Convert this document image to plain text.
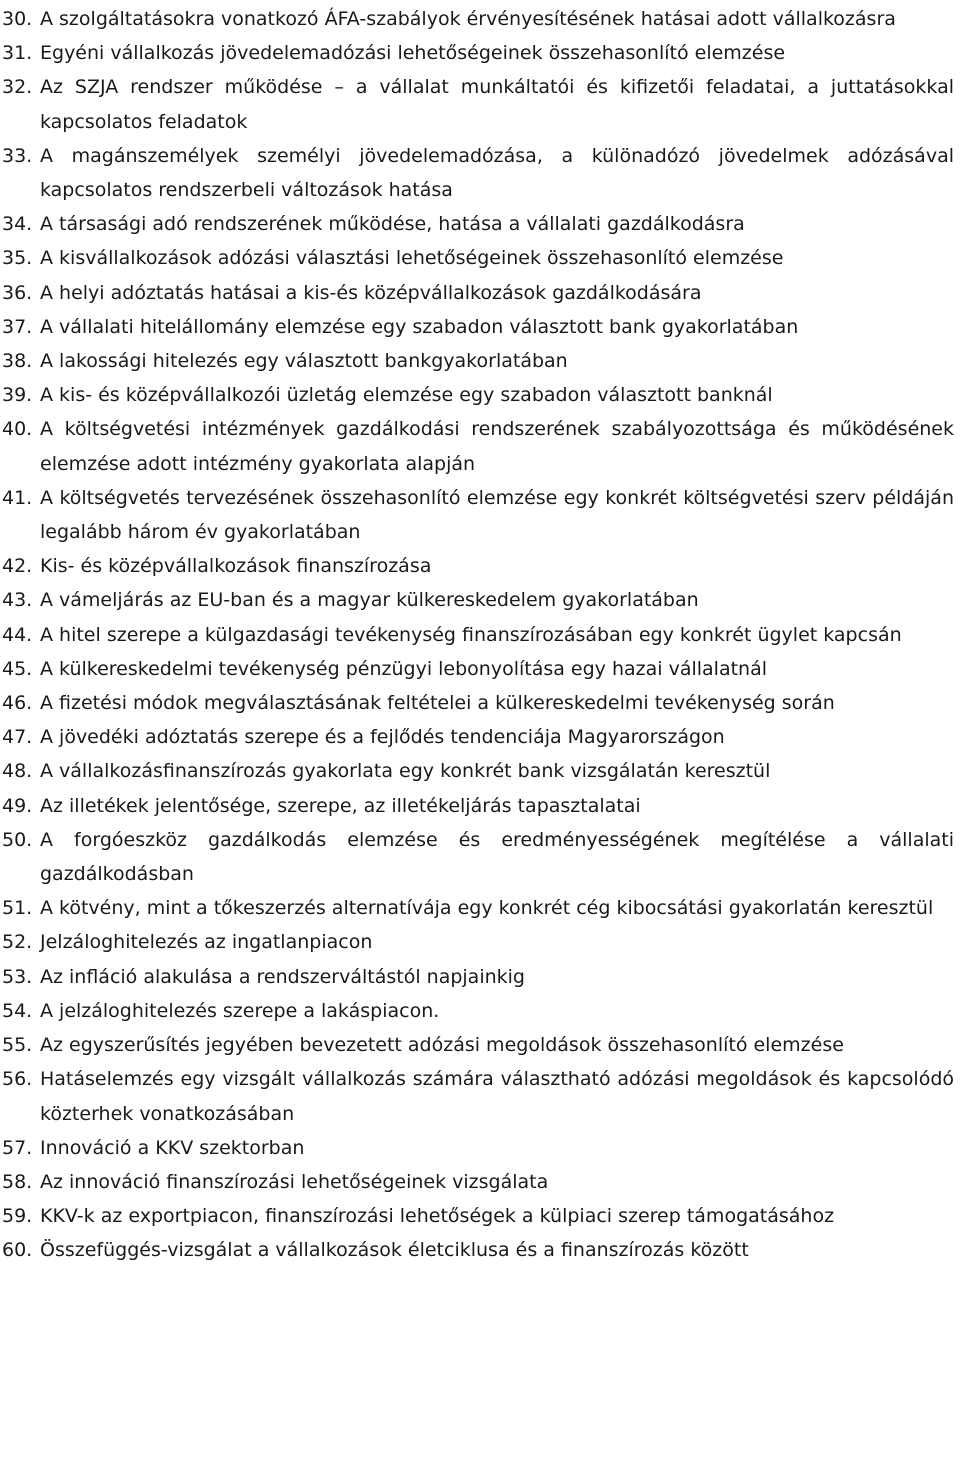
30. A szolgáltatásokra vonatkozó ÁFA-szabályok érvényesítésének hatásai adott vállalkozásra
31. Egyéni vállalkozás jövedelemadózási lehetőségeinek összehasonlító elemzése
32. Az SZJA rendszer működése – a vállalat munkáltatói és kifizetői feladatai, a juttatásokkal kapcsolatos feladatok
33. A magánszemélyek személyi jövedelemadózása, a különadózó jövedelmek adózásával kapcsolatos rendszerbeli változások hatása
34. A társasági adó rendszerének működése, hatása a vállalati gazdálkodásra
35. A kisvállalkozások adózási választási lehetőségeinek összehasonlító elemzése
36. A helyi adóztatás hatásai a kis-és középvállalkozások gazdálkodására
37. A vállalati hitelállomány elemzése egy szabadon választott bank gyakorlatában
38. A lakossági hitelezés egy választott bankgyakorlatában
39. A kis- és középvállalkozói üzletág elemzése egy szabadon választott banknál
40. A költségvetési intézmények gazdálkodási rendszerének szabályozottsága és működésének elemzése adott intézmény gyakorlata alapján
41. A költségvetés tervezésének összehasonlító elemzése egy konkrét költségvetési szerv példáján legalább három év gyakorlatában
42. Kis- és középvállalkozások finanszírozása
43. A vámeljárás az EU-ban és a magyar külkereskedelem gyakorlatában
44. A hitel szerepe a külgazdasági tevékenység finanszírozásában egy konkrét ügylet kapcsán
45. A külkereskedelmi tevékenység pénzügyi lebonyolítása egy hazai vállalatnál
46. A fizetési módok megválasztásának feltételei a külkereskedelmi tevékenység során
47. A jövedéki adóztatás szerepe és a fejlődés tendenciája Magyarországon
48. A vállalkozásfinanszírozás gyakorlata egy konkrét bank vizsgálatán keresztül
49. Az illetékek jelentősége, szerepe, az illetékeljárás tapasztalatai
50. A forgóeszköz gazdálkodás elemzése és eredményességének megítélése a vállalati gazdálkodásban
51. A kötvény, mint a tőkeszerzés alternatívája egy konkrét cég kibocsátási gyakorlatán keresztül
52. Jelzáloghitelezés az ingatlanpiacon
53. Az infláció alakulása a rendszerváltástól napjainkig
54. A jelzáloghitelezés szerepe a lakáspiacon.
55. Az egyszerűsítés jegyében bevezetett adózási megoldások összehasonlító elemzése
56. Hatáselemzés egy vizsgált vállalkozás számára választható adózási megoldások és kapcsolódó közterhek vonatkozásában
57. Innováció a KKV szektorban
58. Az innováció finanszírozási lehetőségeinek vizsgálata
59. KKV-k az exportpiacon, finanszírozási lehetőségek a külpiaci szerep támogatásához
60. Összefüggés-vizsgálat a vállalkozások életciklusa és a finanszírozás között
